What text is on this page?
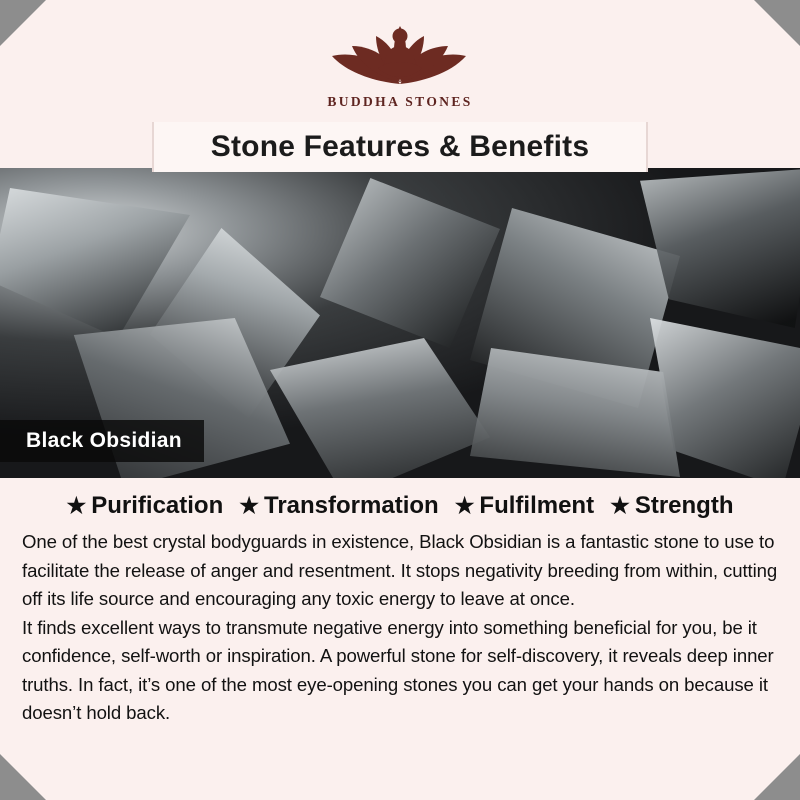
BUDDHA STONES
Stone Features & Benefits
Black Obsidian
★ Purification ★ Transformation ★ Fulfilment ★ Strength

One of the best crystal bodyguards in existence, Black Obsidian is a fantastic stone to use to facilitate the release of anger and resentment. It stops negativity breeding from within, cutting off its life source and encouraging any toxic energy to leave at once.

It finds excellent ways to transmute negative energy into something beneficial for you, be it confidence, self-worth or inspiration. A powerful stone for self-discovery, it reveals deep inner truths. In fact, it’s one of the most eye-opening stones you can get your hands on because it doesn’t hold back.
